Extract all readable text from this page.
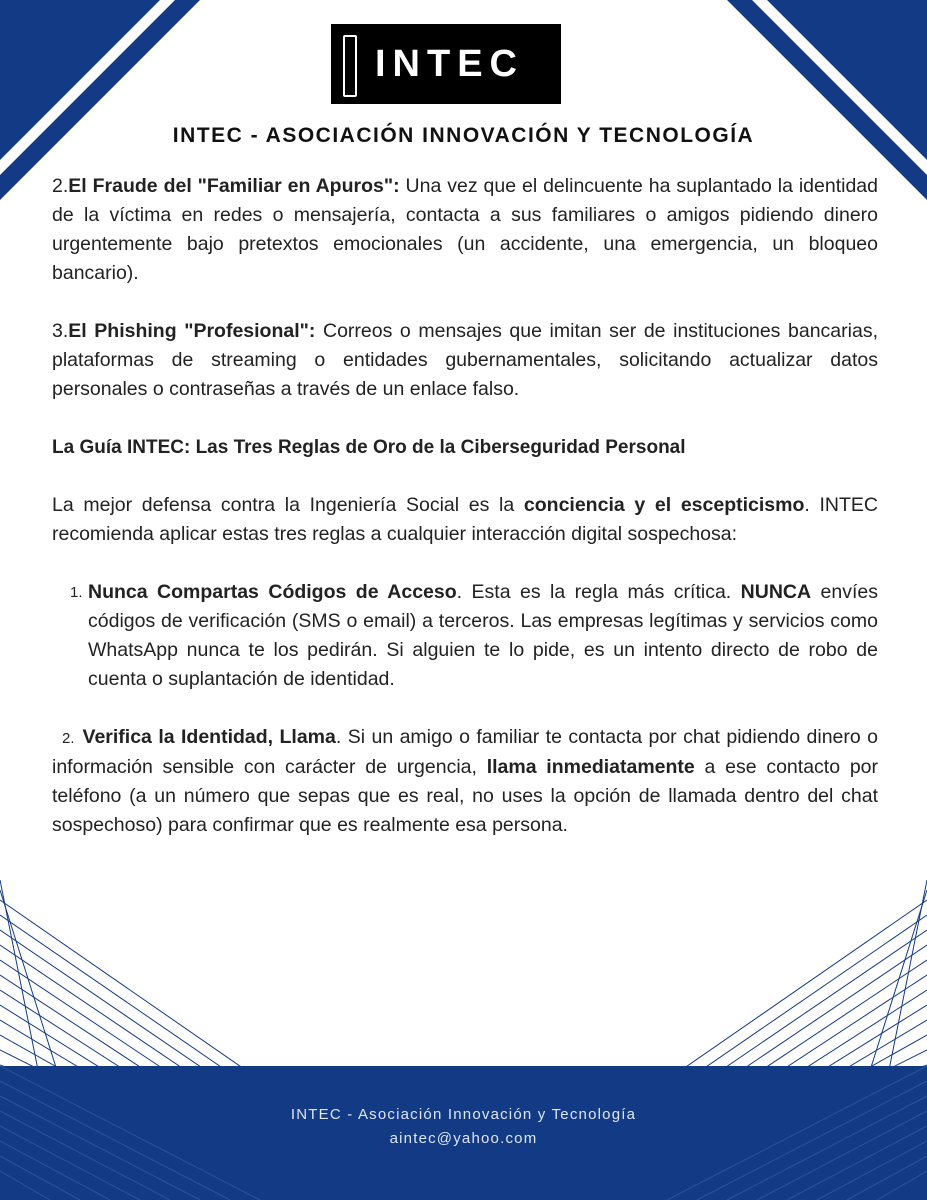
INTEC
INTEC - ASOCIACIÓN INNOVACIÓN Y TECNOLOGÍA

2.El Fraude del "Familiar en Apuros": Una vez que el delincuente ha suplantado la identidad de la víctima en redes o mensajería, contacta a sus familiares o amigos pidiendo dinero urgentemente bajo pretextos emocionales (un accidente, una emergencia, un bloqueo bancario).

3.El Phishing "Profesional": Correos o mensajes que imitan ser de instituciones bancarias, plataformas de streaming o entidades gubernamentales, solicitando actualizar datos personales o contraseñas a través de un enlace falso.

La Guía INTEC: Las Tres Reglas de Oro de la Ciberseguridad Personal

La mejor defensa contra la Ingeniería Social es la conciencia y el escepticismo. INTEC recomienda aplicar estas tres reglas a cualquier interacción digital sospechosa:

1. Nunca Compartas Códigos de Acceso. Esta es la regla más crítica. NUNCA envíes códigos de verificación (SMS o email) a terceros. Las empresas legítimas y servicios como WhatsApp nunca te los pedirán. Si alguien te lo pide, es un intento directo de robo de cuenta o suplantación de identidad.
2. Verifica la Identidad, Llama. Si un amigo o familiar te contacta por chat pidiendo dinero o información sensible con carácter de urgencia, llama inmediatamente a ese contacto por teléfono (a un número que sepas que es real, no uses la opción de llamada dentro del chat sospechoso) para confirmar que es realmente esa persona.
INTEC - Asociación Innovación y Tecnología
aintec@yahoo.com
